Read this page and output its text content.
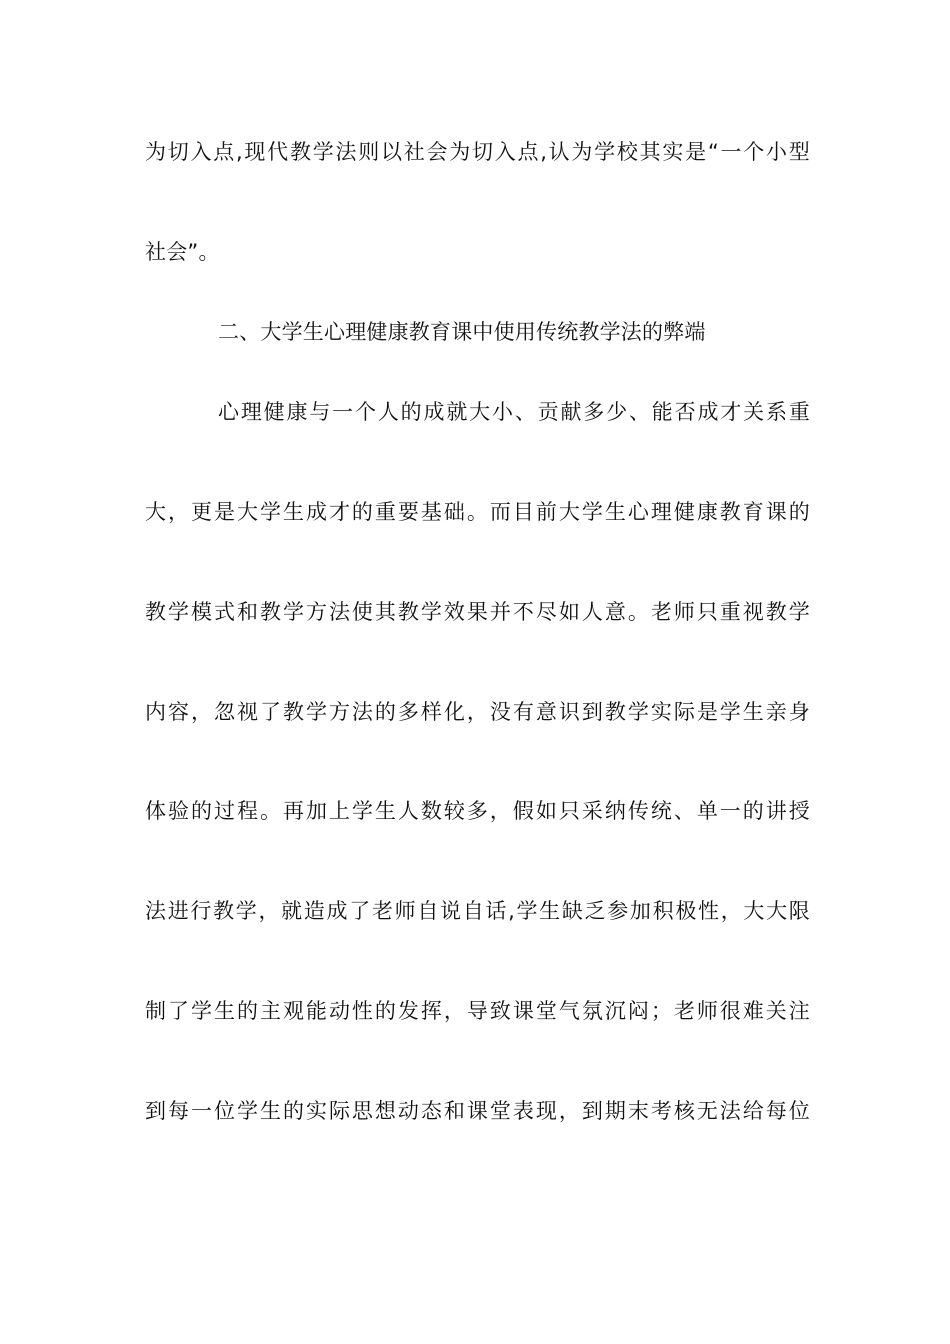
为切入点,现代教学法则以社会为切入点,认为学校其实是“一个小型
社会”。
二、大学生心理健康教育课中使用传统教学法的弊端
心理健康与一个人的成就大小、贡献多少、能否成才关系重
大，更是大学生成才的重要基础。而目前大学生心理健康教育课的
教学模式和教学方法使其教学效果并不尽如人意。老师只重视教学
内容，忽视了教学方法的多样化，没有意识到教学实际是学生亲身
体验的过程。再加上学生人数较多，假如只采纳传统、单一的讲授
法进行教学，就造成了老师自说自话,学生缺乏参加积极性，大大限
制了学生的主观能动性的发挥，导致课堂气氛沉闷；老师很难关注
到每一位学生的实际思想动态和课堂表现，到期末考核无法给每位
